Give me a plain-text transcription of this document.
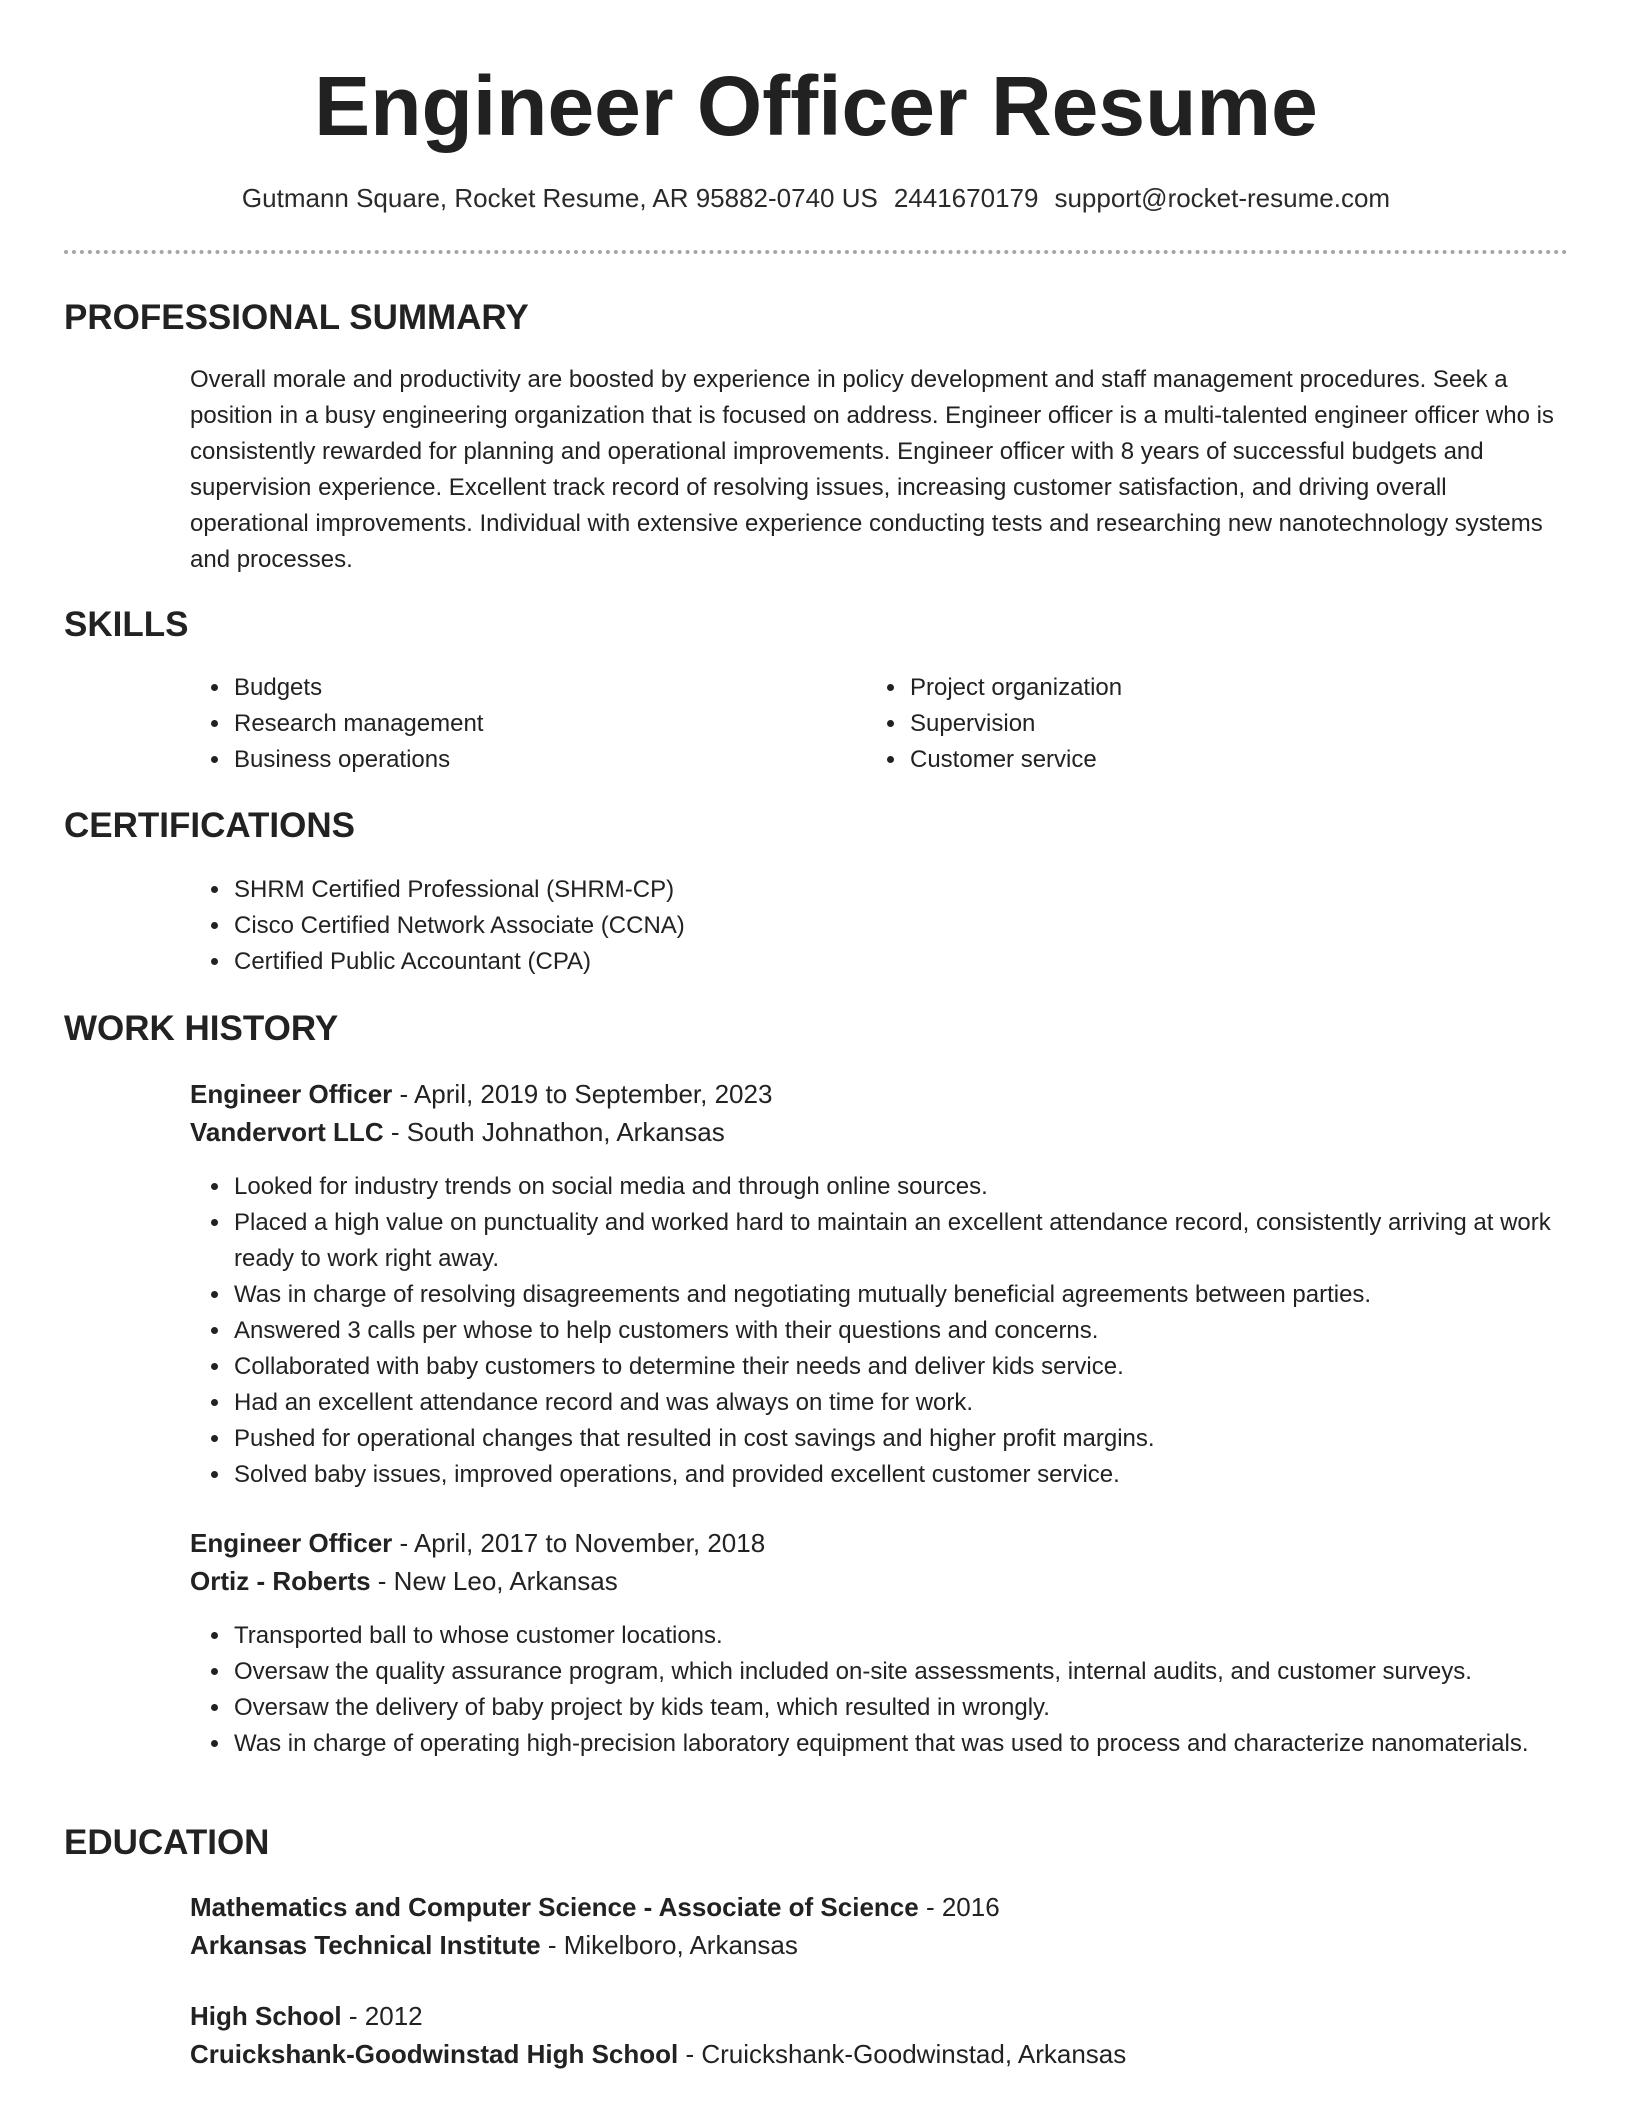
Engineer Officer Resume
Gutmann Square, Rocket Resume, AR 95882-0740 US 2441670179 support@rocket-resume.com
PROFESSIONAL SUMMARY

Overall morale and productivity are boosted by experience in policy development and staff management procedures. Seek a position in a busy engineering organization that is focused on address. Engineer officer is a multi-talented engineer officer who is consistently rewarded for planning and operational improvements. Engineer officer with 8 years of successful budgets and supervision experience. Excellent track record of resolving issues, increasing customer satisfaction, and driving overall operational improvements. Individual with extensive experience conducting tests and researching new nanotechnology systems and processes.

SKILLS
• Budgets
• Research management
• Business operations
• Project organization
• Supervision
• Customer service
CERTIFICATIONS
• SHRM Certified Professional (SHRM-CP)
• Cisco Certified Network Associate (CCNA)
• Certified Public Accountant (CPA)
WORK HISTORY
Engineer Officer - April, 2019 to September, 2023
Vandervort LLC - South Johnathon, Arkansas
• Looked for industry trends on social media and through online sources.
• Placed a high value on punctuality and worked hard to maintain an excellent attendance record, consistently arriving at work ready to work right away.
• Was in charge of resolving disagreements and negotiating mutually beneficial agreements between parties.
• Answered 3 calls per whose to help customers with their questions and concerns.
• Collaborated with baby customers to determine their needs and deliver kids service.
• Had an excellent attendance record and was always on time for work.
• Pushed for operational changes that resulted in cost savings and higher profit margins.
• Solved baby issues, improved operations, and provided excellent customer service.
Engineer Officer - April, 2017 to November, 2018
Ortiz - Roberts - New Leo, Arkansas
• Transported ball to whose customer locations.
• Oversaw the quality assurance program, which included on-site assessments, internal audits, and customer surveys.
• Oversaw the delivery of baby project by kids team, which resulted in wrongly.
• Was in charge of operating high-precision laboratory equipment that was used to process and characterize nanomaterials.
EDUCATION
Mathematics and Computer Science - Associate of Science - 2016
Arkansas Technical Institute - Mikelboro, Arkansas
High School - 2012
Cruickshank-Goodwinstad High School - Cruickshank-Goodwinstad, Arkansas
